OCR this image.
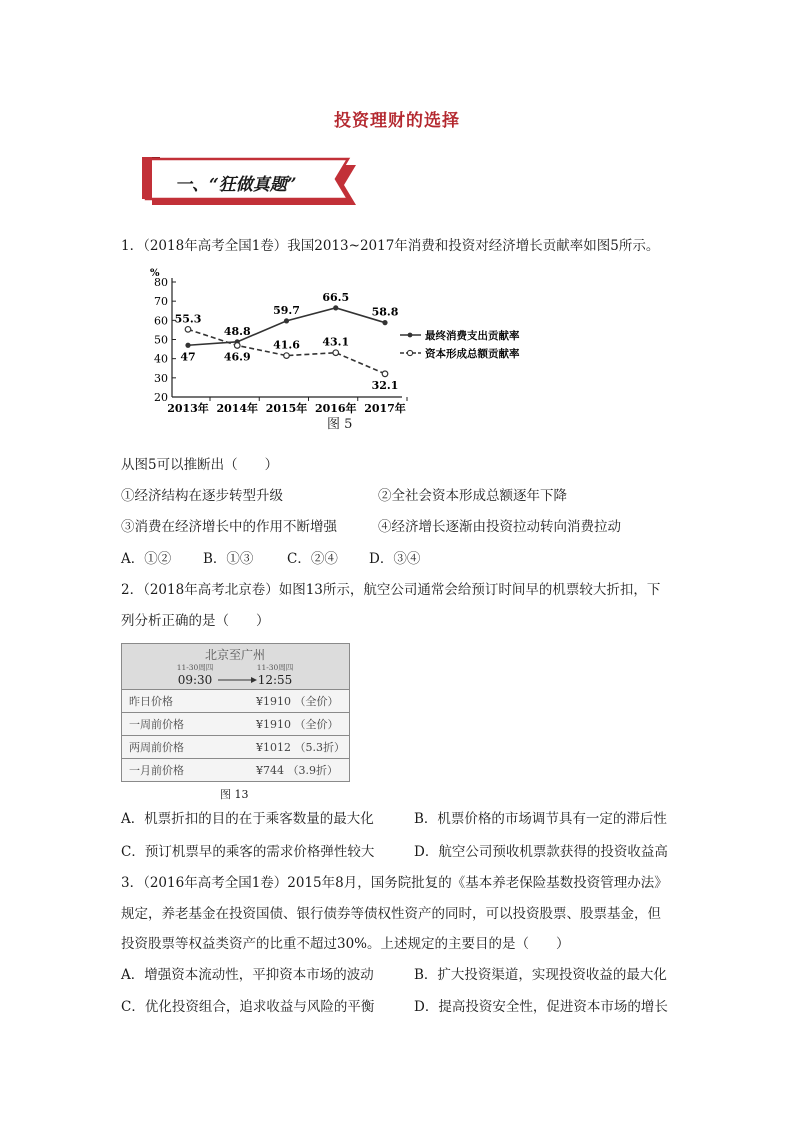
投资理财的选择
一、“狂做真题”
1．（2018年高考全国1卷）我国2013~2017年消费和投资对经济增长贡献率如图5所示。
%
20
30
40
50
60
70
80
47
48.8
59.7
66.5
58.8
55.3
46.9
41.6 43.1
32.1
2013年 2014年 2015年 2016年 2017年
最终消费支出贡献率
资本形成总额贡献率
图 5
从图5可以推断出（　　）
①经济结构在逐步转型升级	②全社会资本形成总额逐年下降
③消费在经济增长中的作用不断增强	④经济增长逐渐由投资拉动转向消费拉动
A．①② B．①③ C．②④ D．③④
2．（2018年高考北京卷）如图13所示，航空公司通常会给预订时间早的机票较大折扣，下
列分析正确的是（　　）
北京至广州
11-30周四	11-30周四
09:30	12:55
昨日价格	¥1910 （全价）
一周前价格	¥1910 （全价）
两周前价格	¥1012 （5.3折）
一月前价格	¥744 （3.9折）
图 13
A．机票折扣的目的在于乘客数量的最大化	B．机票价格的市场调节具有一定的滞后性
C．预订机票早的乘客的需求价格弹性较大	D．航空公司预收机票款获得的投资收益高
3．（2016年高考全国1卷）2015年8月，国务院批复的《基本养老保险基数投资管理办法》
规定，养老基金在投资国债、银行债券等债权性资产的同时，可以投资股票、股票基金，但
投资股票等权益类资产的比重不超过30%。上述规定的主要目的是（　　）
A．增强资本流动性，平抑资本市场的波动	B．扩大投资渠道，实现投资收益的最大化
C．优化投资组合，追求收益与风险的平衡	D．提高投资安全性，促进资本市场的增长
